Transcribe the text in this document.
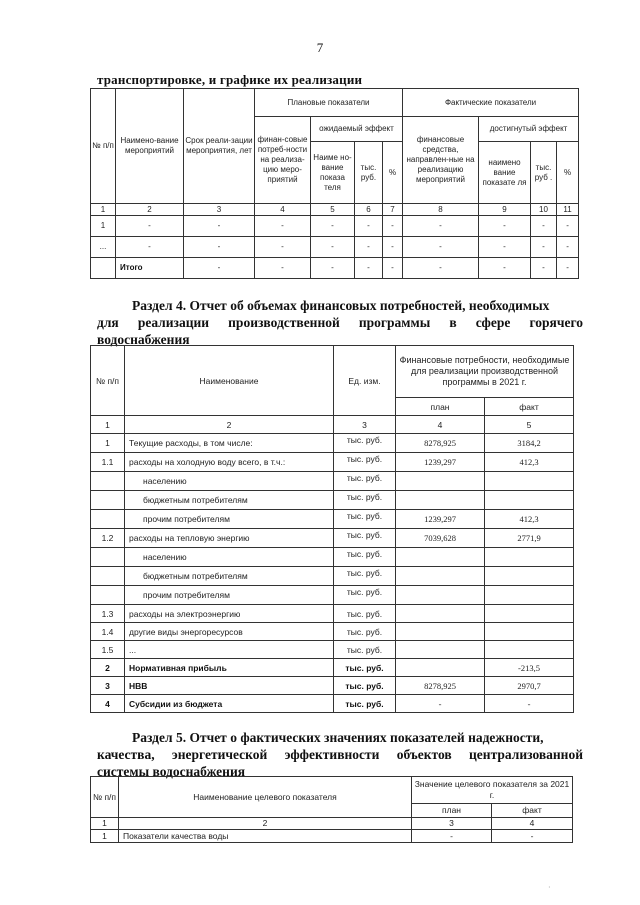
7
транспортировке, и графике их реализации
№ п/п	Наимено-вание мероприятий	Срок реали-зации мероприятия, лет	Плановые показатели				Фактические показатели			
			финан-совые потреб-ности на реализа-цию меро-приятий	ожидаемый эффект			финансовые средства, направлен-ные на реализацию мероприятий	достигнутый эффект		
				Наиме но-вание показа теля	тыс. руб.	%		наимено вание показате ля	тыс. руб .	%
1	2	3	4	5	6	7	8	9	10	11
1	-	-	-	-	-	-	-	-	-	-
...	-	-	-	-	-	-	-	-	-	-
	Итого	-	-	-	-	-	-	-	-	-
Раздел 4. Отчет об объемах финансовых потребностей, необходимых
для реализации производственной программы в сфере горячего
водоснабжения
№ п/п	Наименование	Ед. изм.	Финансовые потребности, необходимые для реализации производственной программы в 2021 г.	
			план	факт
1	2	3	4	5
1	Текущие расходы, в том числе:	тыс. руб.	8278,925	3184,2
1.1	расходы на холодную воду всего, в т.ч.:	тыс. руб.	1239,297	412,3
	населению	тыс. руб.		
	бюджетным потребителям	тыс. руб.		
	прочим потребителям	тыс. руб.	1239,297	412,3
1.2	расходы на тепловую энергию	тыс. руб.	7039,628	2771,9
	населению	тыс. руб.		
	бюджетным потребителям	тыс. руб.		
	прочим потребителям	тыс. руб.		
1.3	расходы на электроэнергию	тыс. руб.		
1.4	другие виды энергоресурсов	тыс. руб.		
1.5	...	тыс. руб.		
2	Нормативная прибыль	тыс. руб.		-213,5
3	НВВ	тыс. руб.	8278,925	2970,7
4	Субсидии из бюджета	тыс. руб.	-	-
Раздел 5. Отчет о фактических значениях показателей надежности,
качества, энергетической эффективности объектов централизованной
системы водоснабжения
№ п/п	Наименование целевого показателя	Значение целевого показателя за 2021 г.	
		план	факт
1	2	3	4
1	Показатели качества воды	-	-
·
